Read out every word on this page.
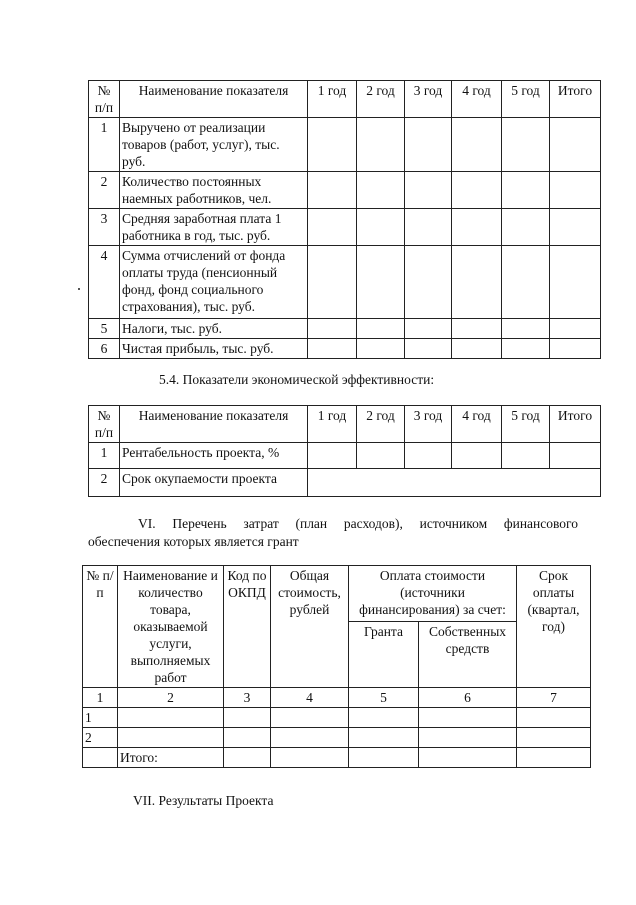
№ п/п	Наименование показателя	1 год	2 год	3 год	4 год	5 год	Итого
1	Выручено от реализации товаров (работ, услуг), тыс. руб.						
2	Количество постоянных наемных работников, чел.						
3	Средняя заработная плата 1 работника в год, тыс. руб.						
4	Сумма отчислений от фонда оплаты труда (пенсионный фонд, фонд социального страхования), тыс. руб.						
5	Налоги, тыс. руб.						
6	Чистая прибыль, тыс. руб.						
5.4. Показатели экономической эффективности:
№ п/п	Наименование показателя	1 год	2 год	3 год	4 год	5 год	Итого
1	Рентабельность проекта, %						
2	Срок окупаемости проекта						
VI. Перечень затрат (план расходов), источником финансового
обеспечения которых является грант
№ п/п	Наименование и количество товара, оказываемой услуги, выполняемых работ	Код по ОКПД	Общая стоимость, рублей	Оплата стоимости (источники финансирования) за счет:		Срок оплаты (квартал, год)
				Гранта	Собственных средств	
1	2	3	4	5	6	7
1						
2						
	Итого:					
VII. Результаты Проекта
